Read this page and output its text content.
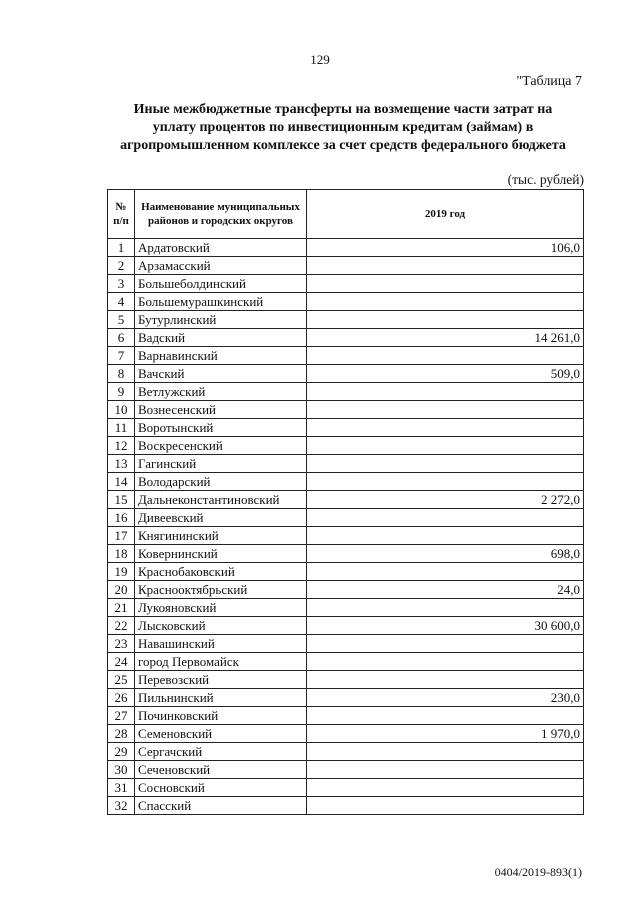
129
"Таблица 7
Иные межбюджетные трансферты на возмещение части затрат на
уплату процентов по инвестиционным кредитам (займам) в
агропромышленном комплексе за счет средств федерального бюджета
(тыс. рублей)
№
п/п	Наименование муниципальных районов и городских округов	2019 год
1	Ардатовский	106,0
2	Арзамасский	
3	Большеболдинский	
4	Большемурашкинский	
5	Бутурлинский	
6	Вадский	14 261,0
7	Варнавинский	
8	Вачский	509,0
9	Ветлужский	
10	Вознесенский	
11	Воротынский	
12	Воскресенский	
13	Гагинский	
14	Володарский	
15	Дальнеконстантиновский	2 272,0
16	Дивеевский	
17	Княгининский	
18	Ковернинский	698,0
19	Краснобаковский	
20	Краснооктябрьский	24,0
21	Лукояновский	
22	Лысковский	30 600,0
23	Навашинский	
24	город Первомайск	
25	Перевозский	
26	Пильнинский	230,0
27	Починковский	
28	Семеновский	1 970,0
29	Сергачский	
30	Сеченовский	
31	Сосновский	
32	Спасский	
0404/2019-893(1)
